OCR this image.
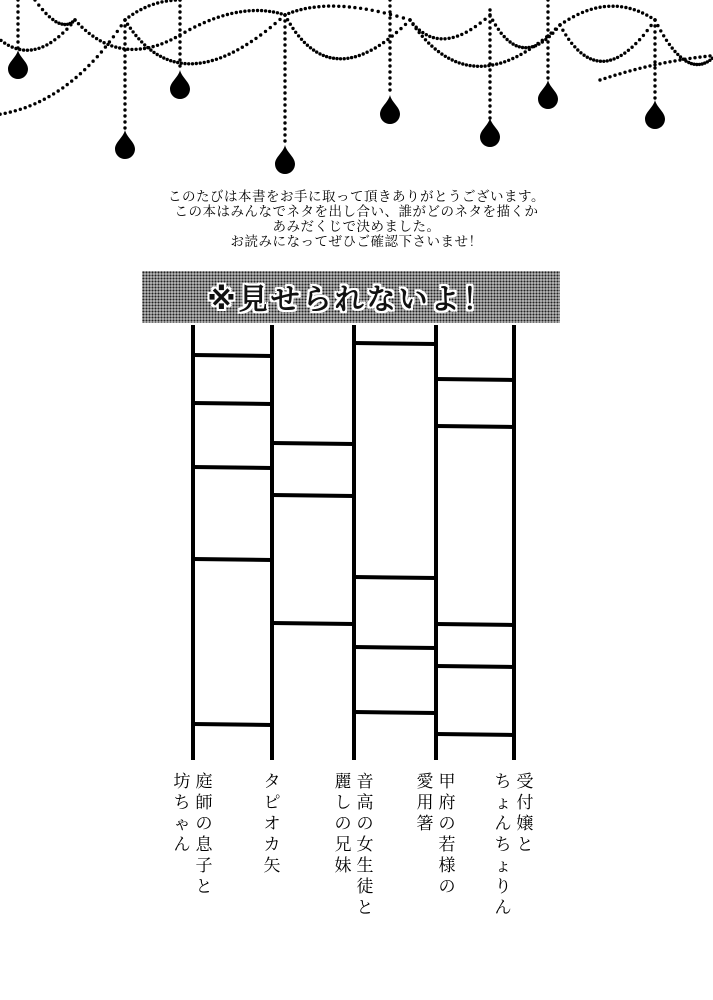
このたびは本書をお手に取って頂きありがとうございます。
この本はみんなでネタを出し合い、誰がどのネタを描くか
あみだくじで決めました。
お読みになってぜひご確認下さいませ！
※見せられないよ！
坊
ち
ゃ
ん
庭
師
の
息
子
と
タ
ピ
オ
カ
矢
麗
し
の
兄
妹
音
高
の
女
生
徒
と
愛
用
箸
甲
府
の
若
様
の
ち
ょ
ん
ち
ょ
り
ん
受
付
嬢
と
